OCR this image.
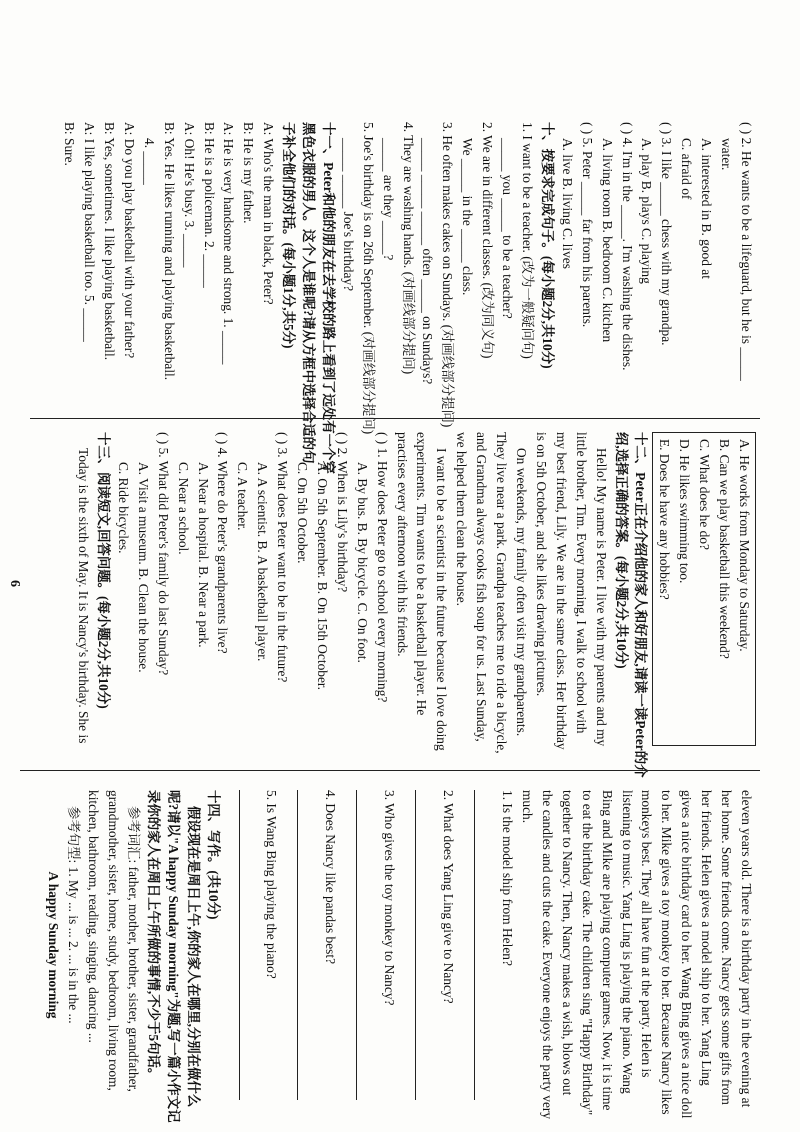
( ) 2. He wants to be a lifeguard, but he is _____
water.
A. interested in B. good at
C. afraid of
( ) 3. I like _____ chess with my grandpa.
A. play B. plays C. playing
( ) 4. I'm in the _____. I'm washing the dishes.
A. living room B. bedroom C. kitchen
( ) 5. Peter _____ far from his parents.
A. live B. living C. lives
十、按要求完成句子。(每小题2分,共10分)
1. I want to be a teacher. (改为一般疑问句)
_____ you _____ to be a teacher?
2. We are in different classes. (改为同义句)
We _____ in the _____ class.
3. He often makes cakes on Sundays. (对画线部分提问)
_____ _____ _____ often _____ on Sundays?
4. They are washing hands. (对画线部分提问)
_____ are they _____?
5. Joe's birthday is on 26th September. (对画线部分提问)
_____ _____ Joe's birthday?
十一、Peter和他的朋友在去学校的路上看到了远处有一个穿
黑色衣服的男人。这个人是谁呢?请从方框中选择合适的句
子补全他们的对话。(每小题1分,共5分)
A: Who's the man in black, Peter?
B: He is my father.
A: He is very handsome and strong. 1. _____
B: He is a policeman. 2. _____
A: Oh! He's busy. 3. _____
B: Yes. He likes running and playing basketball.
4. _____
A: Do you play basketball with your father?
B: Yes, sometimes. I like playing basketball.
A: I like playing basketball too. 5. _____
B: Sure.
A. He works from Monday to Saturday.
B. Can we play basketball this weekend?
C. What does he do?
D. He likes swimming too.
E. Does he have any hobbies?
十二、Peter正在介绍他的家人和好朋友,请读一读Peter的介
绍,选择正确的答案。(每小题2分,共10分)
Hello! My name is Peter. I live with my parents and my
little brother, Tim. Every morning, I walk to school with
my best friend, Lily. We are in the same class. Her birthday
is on 5th October, and she likes drawing pictures.
On weekends, my family often visit my grandparents.
They live near a park. Grandpa teaches me to ride a bicycle,
and Grandma always cooks fish soup for us. Last Sunday,
we helped them clean the house.
I want to be a scientist in the future because I love doing
experiments. Tim wants to be a basketball player. He
practises every afternoon with his friends.
( ) 1. How does Peter go to school every morning?
A. By bus. B. By bicycle. C. On foot.
( ) 2. When is Lily's birthday?
A. On 5th September. B. On 15th October.
C. On 5th October.
( ) 3. What does Peter want to be in the future?
A. A scientist. B. A basketball player.
C. A teacher.
( ) 4. Where do Peter's grandparents live?
A. Near a hospital. B. Near a park.
C. Near a school.
( ) 5. What did Peter's family do last Sunday?
A. Visit a museum. B. Clean the house.
C. Ride bicycles.
十三、阅读短文,回答问题。(每小题2分,共10分)
Today is the sixth of May. It is Nancy's birthday. She is
eleven years old. There is a birthday party in the evening at
her home. Some friends come. Nancy gets some gifts from
her friends. Helen gives a model ship to her. Yang Ling
gives a nice birthday card to her. Wang Bing gives a nice doll
to her. Mike gives a toy monkey to her. Because Nancy likes
monkeys best. They all have fun at the party. Helen is
listening to music. Yang Ling is playing the piano. Wang
Bing and Mike are playing computer games. Now, it is time
to eat the birthday cake. The children sing "Happy Birthday"
together to Nancy. Then, Nancy makes a wish, blows out
the candles and cuts the cake. Everyone enjoys the party very
much.
1. Is the model ship from Helen?
2. What does Yang Ling give to Nancy?
3. Who gives the toy monkey to Nancy?
4. Does Nancy like pandas best?
5. Is Wang Bing playing the piano?
十四、写作。(共10分)
假设现在是周日上午,你的家人在哪里,分别在做什么
呢?请以"A happy Sunday morning"为题,写一篇小作文记
录你的家人在周日上午所做的事情,不少于5句话。
参考词汇: father, mother, brother, sister, grandfather,
grandmother, sister, home, study, bedroom, living room,
kitchen, bathroom, reading, singing, dancing ...
参考句型: 1. My ... is ... 2. ... is in the ...
A happy Sunday morning
6
